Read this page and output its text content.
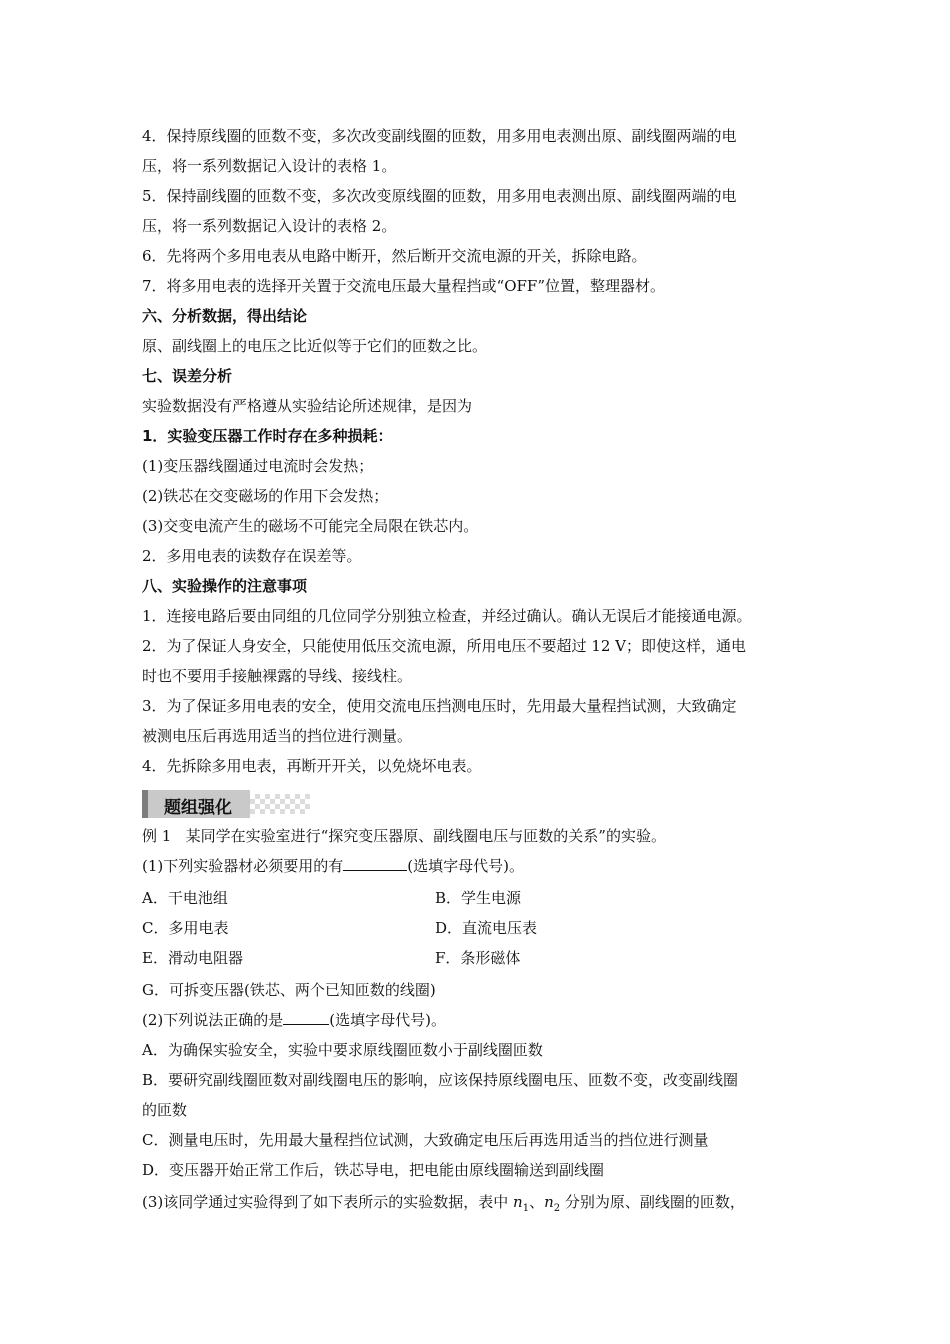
4．保持原线圈的匝数不变，多次改变副线圈的匝数，用多用电表测出原、副线圈两端的电
压，将一系列数据记入设计的表格 1。
5．保持副线圈的匝数不变，多次改变原线圈的匝数，用多用电表测出原、副线圈两端的电
压，将一系列数据记入设计的表格 2。
6．先将两个多用电表从电路中断开，然后断开交流电源的开关，拆除电路。
7．将多用电表的选择开关置于交流电压最大量程挡或“OFF”位置，整理器材。
六、分析数据，得出结论
原、副线圈上的电压之比近似等于它们的匝数之比。
七、误差分析
实验数据没有严格遵从实验结论所述规律，是因为
1．实验变压器工作时存在多种损耗：
(1)变压器线圈通过电流时会发热；
(2)铁芯在交变磁场的作用下会发热；
(3)交变电流产生的磁场不可能完全局限在铁芯内。
2．多用电表的读数存在误差等。
八、实验操作的注意事项
1．连接电路后要由同组的几位同学分别独立检查，并经过确认。确认无误后才能接通电源。
2．为了保证人身安全，只能使用低压交流电源，所用电压不要超过 12 V；即使这样，通电
时也不要用手接触裸露的导线、接线柱。
3．为了保证多用电表的安全，使用交流电压挡测电压时，先用最大量程挡试测，大致确定
被测电压后再选用适当的挡位进行测量。
4．先拆除多用电表，再断开开关，以免烧坏电表。
题组强化
例 1 某同学在实验室进行“探究变压器原、副线圈电压与匝数的关系”的实验。
(1)下列实验器材必须要用的有	(选填字母代号)。
A．干电池组	B．学生电源
C．多用电表	D．直流电压表
E．滑动电阻器	F．条形磁体
G．可拆变压器(铁芯、两个已知匝数的线圈)
(2)下列说法正确的是	(选填字母代号)。
A．为确保实验安全，实验中要求原线圈匝数小于副线圈匝数
B．要研究副线圈匝数对副线圈电压的影响，应该保持原线圈电压、匝数不变，改变副线圈
的匝数
C．测量电压时，先用最大量程挡位试测，大致确定电压后再选用适当的挡位进行测量
D．变压器开始正常工作后，铁芯导电，把电能由原线圈输送到副线圈
(3)该同学通过实验得到了如下表所示的实验数据，表中 $n_1$、$n_2$ 分别为原、副线圈的匝数，
